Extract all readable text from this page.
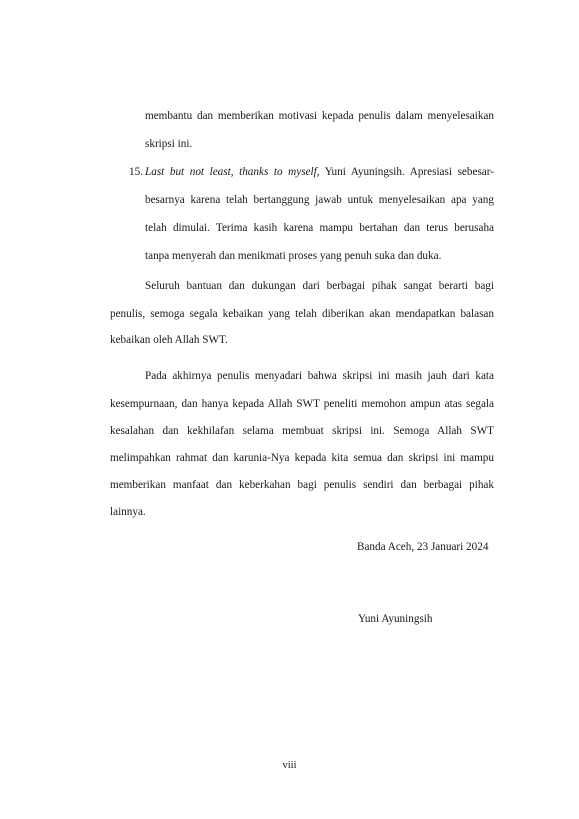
membantu dan memberikan motivasi kepada penulis dalam menyelesaikan
skripsi ini.
15. Last but not least, thanks to myself, Yuni Ayuningsih. Apresiasi sebesar-
besarnya karena telah bertanggung jawab untuk menyelesaikan apa yang
telah dimulai. Terima kasih karena mampu bertahan dan terus berusaha
tanpa menyerah dan menikmati proses yang penuh suka dan duka.
Seluruh bantuan dan dukungan dari berbagai pihak sangat berarti bagi
penulis, semoga segala kebaikan yang telah diberikan akan mendapatkan balasan
kebaikan oleh Allah SWT.
Pada akhirnya penulis menyadari bahwa skripsi ini masih jauh dari kata
kesempurnaan, dan hanya kepada Allah SWT peneliti memohon ampun atas segala
kesalahan dan kekhilafan selama membuat skripsi ini. Semoga Allah SWT
melimpahkan rahmat dan karunia-Nya kepada kita semua dan skripsi ini mampu
memberikan manfaat dan keberkahan bagi penulis sendiri dan berbagai pihak
lainnya.
Banda Aceh, 23 Januari 2024
Yuni Ayuningsih
viii
